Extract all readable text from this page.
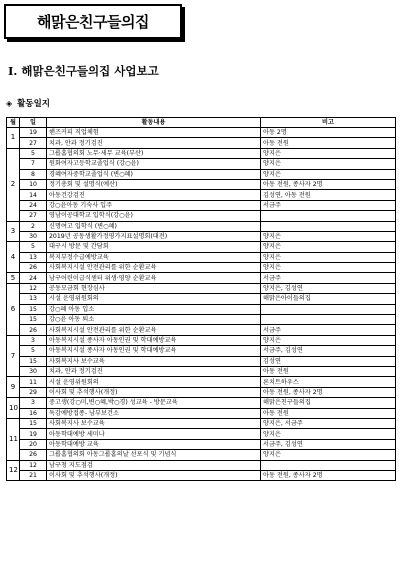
해맑은친구들의집
Ⅰ. 해맑은친구들의집 사업보고
◈ 활동일지
월	일	활동내용	비고
1	19	핸즈커피 직업체험	아동 2명
	27	치과, 안과 정기검진	아동 전원
2	5	그룹홈협의회 노무·세무 교육(부산)	양지은
	7	원화여자고등학교졸업식 (강○윤)	양지은
	8	경혜여자중학교졸업식 (변○혜)	양지은
	10	정기총회 및 설명식(예산)	아동 전원, 종사자 2명
	14	아동건강검진	김성연, 아동 전원
	24	강○윤아동 기숙사 입주	서금주
	27	영남이공대학교 입학식(강○윤)	
3	2	신명여고 입학식 (변○혜)	
	30	2019년 공동생활가정평가지표설명회(대전)	양지은
4	5	대구시 방문 및 간담회	양지은
	13	복지부정수급예방교육	양지은
	26	사회복지시설 안전관리를 위한 순환교육	양지은
5	24	남구어린이급식센터 위생·영양 순환교육	서금주
6	12	공동모금회 현장심사	양지은, 김성연
	13	시설 운영위원회의	해맑은아이들의집
	15	강○혜 아동 입소	
	15	강○윤 아동 퇴소	
	26	사회복지시설 안전관리를 위한 순환교육	서금주
7	3	아동복지시설 종사자 아동인권 및 학대예방교육	양지은
	5	아동복지시설 종사자 아동인권 및 학대예방교육	서금주, 김성연
	15	사회복지사 보수교육	김성연
	30	치과, 안과 정기검진	아동 전원
9	11	시설 운영위원회의	론치트하우스
	29	이사회 및 추석행사(개정)	아동 전원, 종사자 2명
10	3	중고생(강○미,변○혜,박○경) 성교육 - 방문교육	해맑은친구들의집
	16	독감예방접종- 남부보건소	아동 전원
11	15	사회복지사 보수교육	양지은, 서금주
	19	아동학대예방 세미나	양지은
	20	아동학대예방 교육	서금주, 김성연
	26	그룹홈협의회 아동그룹홈의날 선포식 및 기념식	양지은
12	12	남구청 지도점검	
	21	이사회 및 추석행사(개정)	아동 전원, 종사자 2명
